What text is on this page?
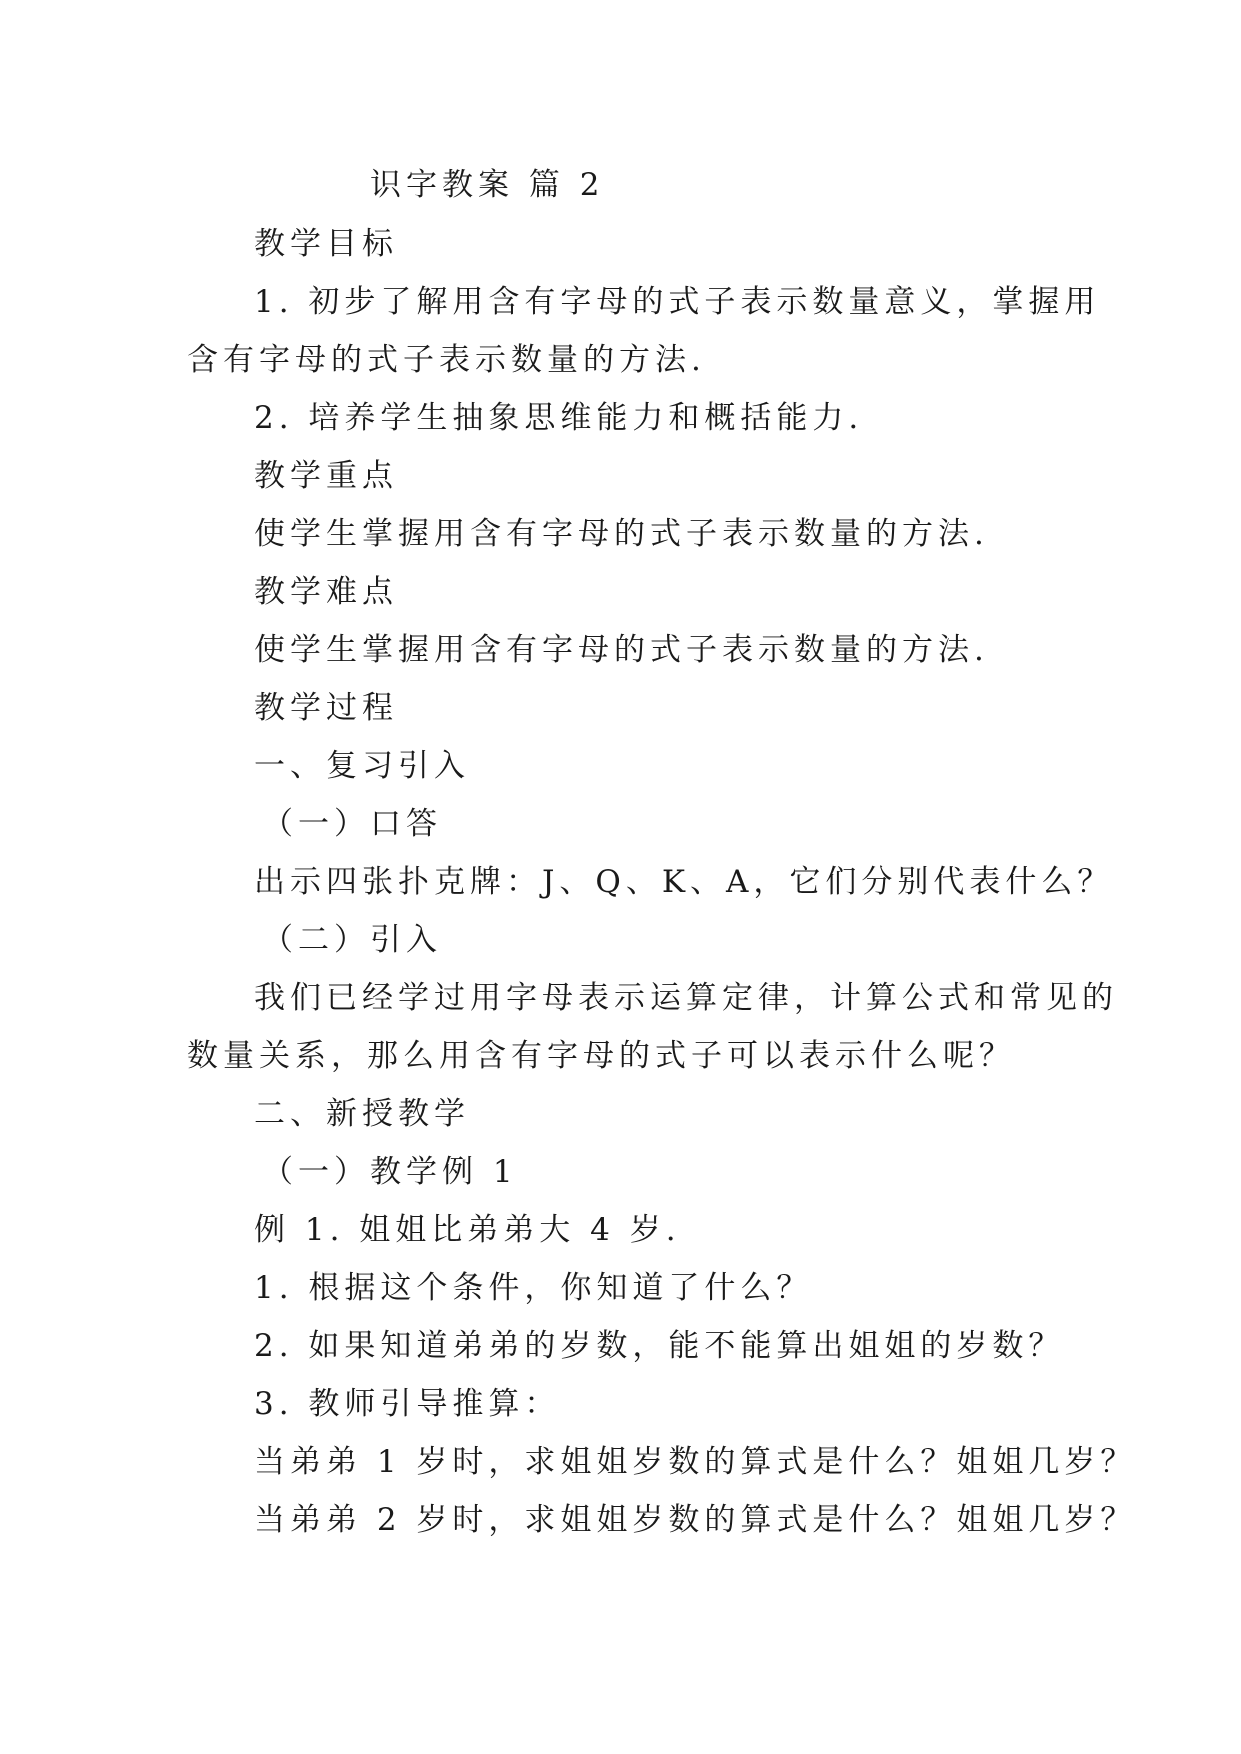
识字教案 篇 2
教学目标
1. 初步了解用含有字母的式子表示数量意义，掌握用
含有字母的式子表示数量的方法.
2. 培养学生抽象思维能力和概括能力.
教学重点
使学生掌握用含有字母的式子表示数量的方法.
教学难点
使学生掌握用含有字母的式子表示数量的方法.
教学过程
一、复习引入
（一）口答
出示四张扑克牌：J、Q、K、A，它们分别代表什么？
（二）引入
我们已经学过用字母表示运算定律，计算公式和常见的
数量关系，那么用含有字母的式子可以表示什么呢？
二、新授教学
（一）教学例 1
例 1. 姐姐比弟弟大 4 岁.
1. 根据这个条件，你知道了什么？
2. 如果知道弟弟的岁数，能不能算出姐姐的岁数？
3. 教师引导推算：
当弟弟 1 岁时，求姐姐岁数的算式是什么？姐姐几岁？
当弟弟 2 岁时，求姐姐岁数的算式是什么？姐姐几岁？
